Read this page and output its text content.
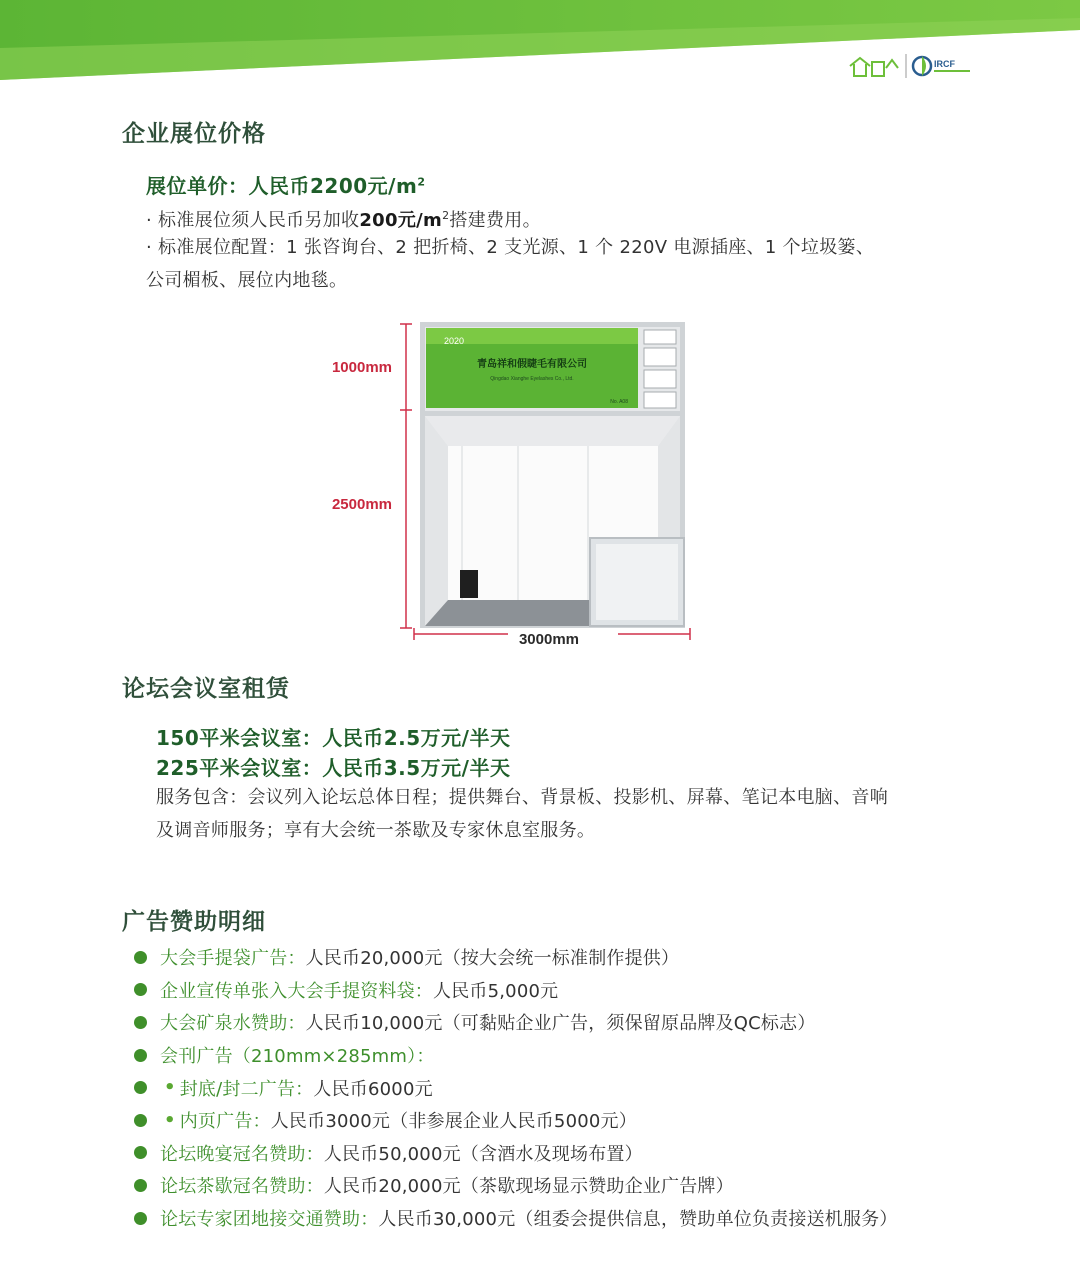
IRCF
企业展位价格
展位单价：人民币2200元$/m^2$
· 标准展位须人民币另加收200元$/m^2$搭建费用。
· 标准展位配置：1 张咨询台、2 把折椅、2 支光源、1 个 220V 电源插座、1 个垃圾篓、
公司楣板、展位内地毯。
1000mm
2500mm
3000mm
2020
青岛祥和假睫毛有限公司
Qingdao Xianghe Eyelashes Co., Ltd.
No. A08
论坛会议室租赁
150平米会议室：人民币2.5万元/半天
225平米会议室：人民币3.5万元/半天
服务包含：会议列入论坛总体日程；提供舞台、背景板、投影机、屏幕、笔记本电脑、音响
及调音师服务；享有大会统一茶歇及专家休息室服务。
广告赞助明细
大会手提袋广告： 人民币20,000元（按大会统一标准制作提供）
企业宣传单张入大会手提资料袋： 人民币5,000元
大会矿泉水赞助： 人民币10,000元（可黏贴企业广告，须保留原品牌及QC标志）
会刊广告（210mm×285mm）：
• 封底/封二广告： 人民币6000元
• 内页广告： 人民币3000元（非参展企业人民币5000元）
论坛晚宴冠名赞助： 人民币50,000元（含酒水及现场布置）
论坛茶歇冠名赞助： 人民币20,000元（茶歇现场显示赞助企业广告牌）
论坛专家团地接交通赞助： 人民币30,000元（组委会提供信息，赞助单位负责接送机服务）
